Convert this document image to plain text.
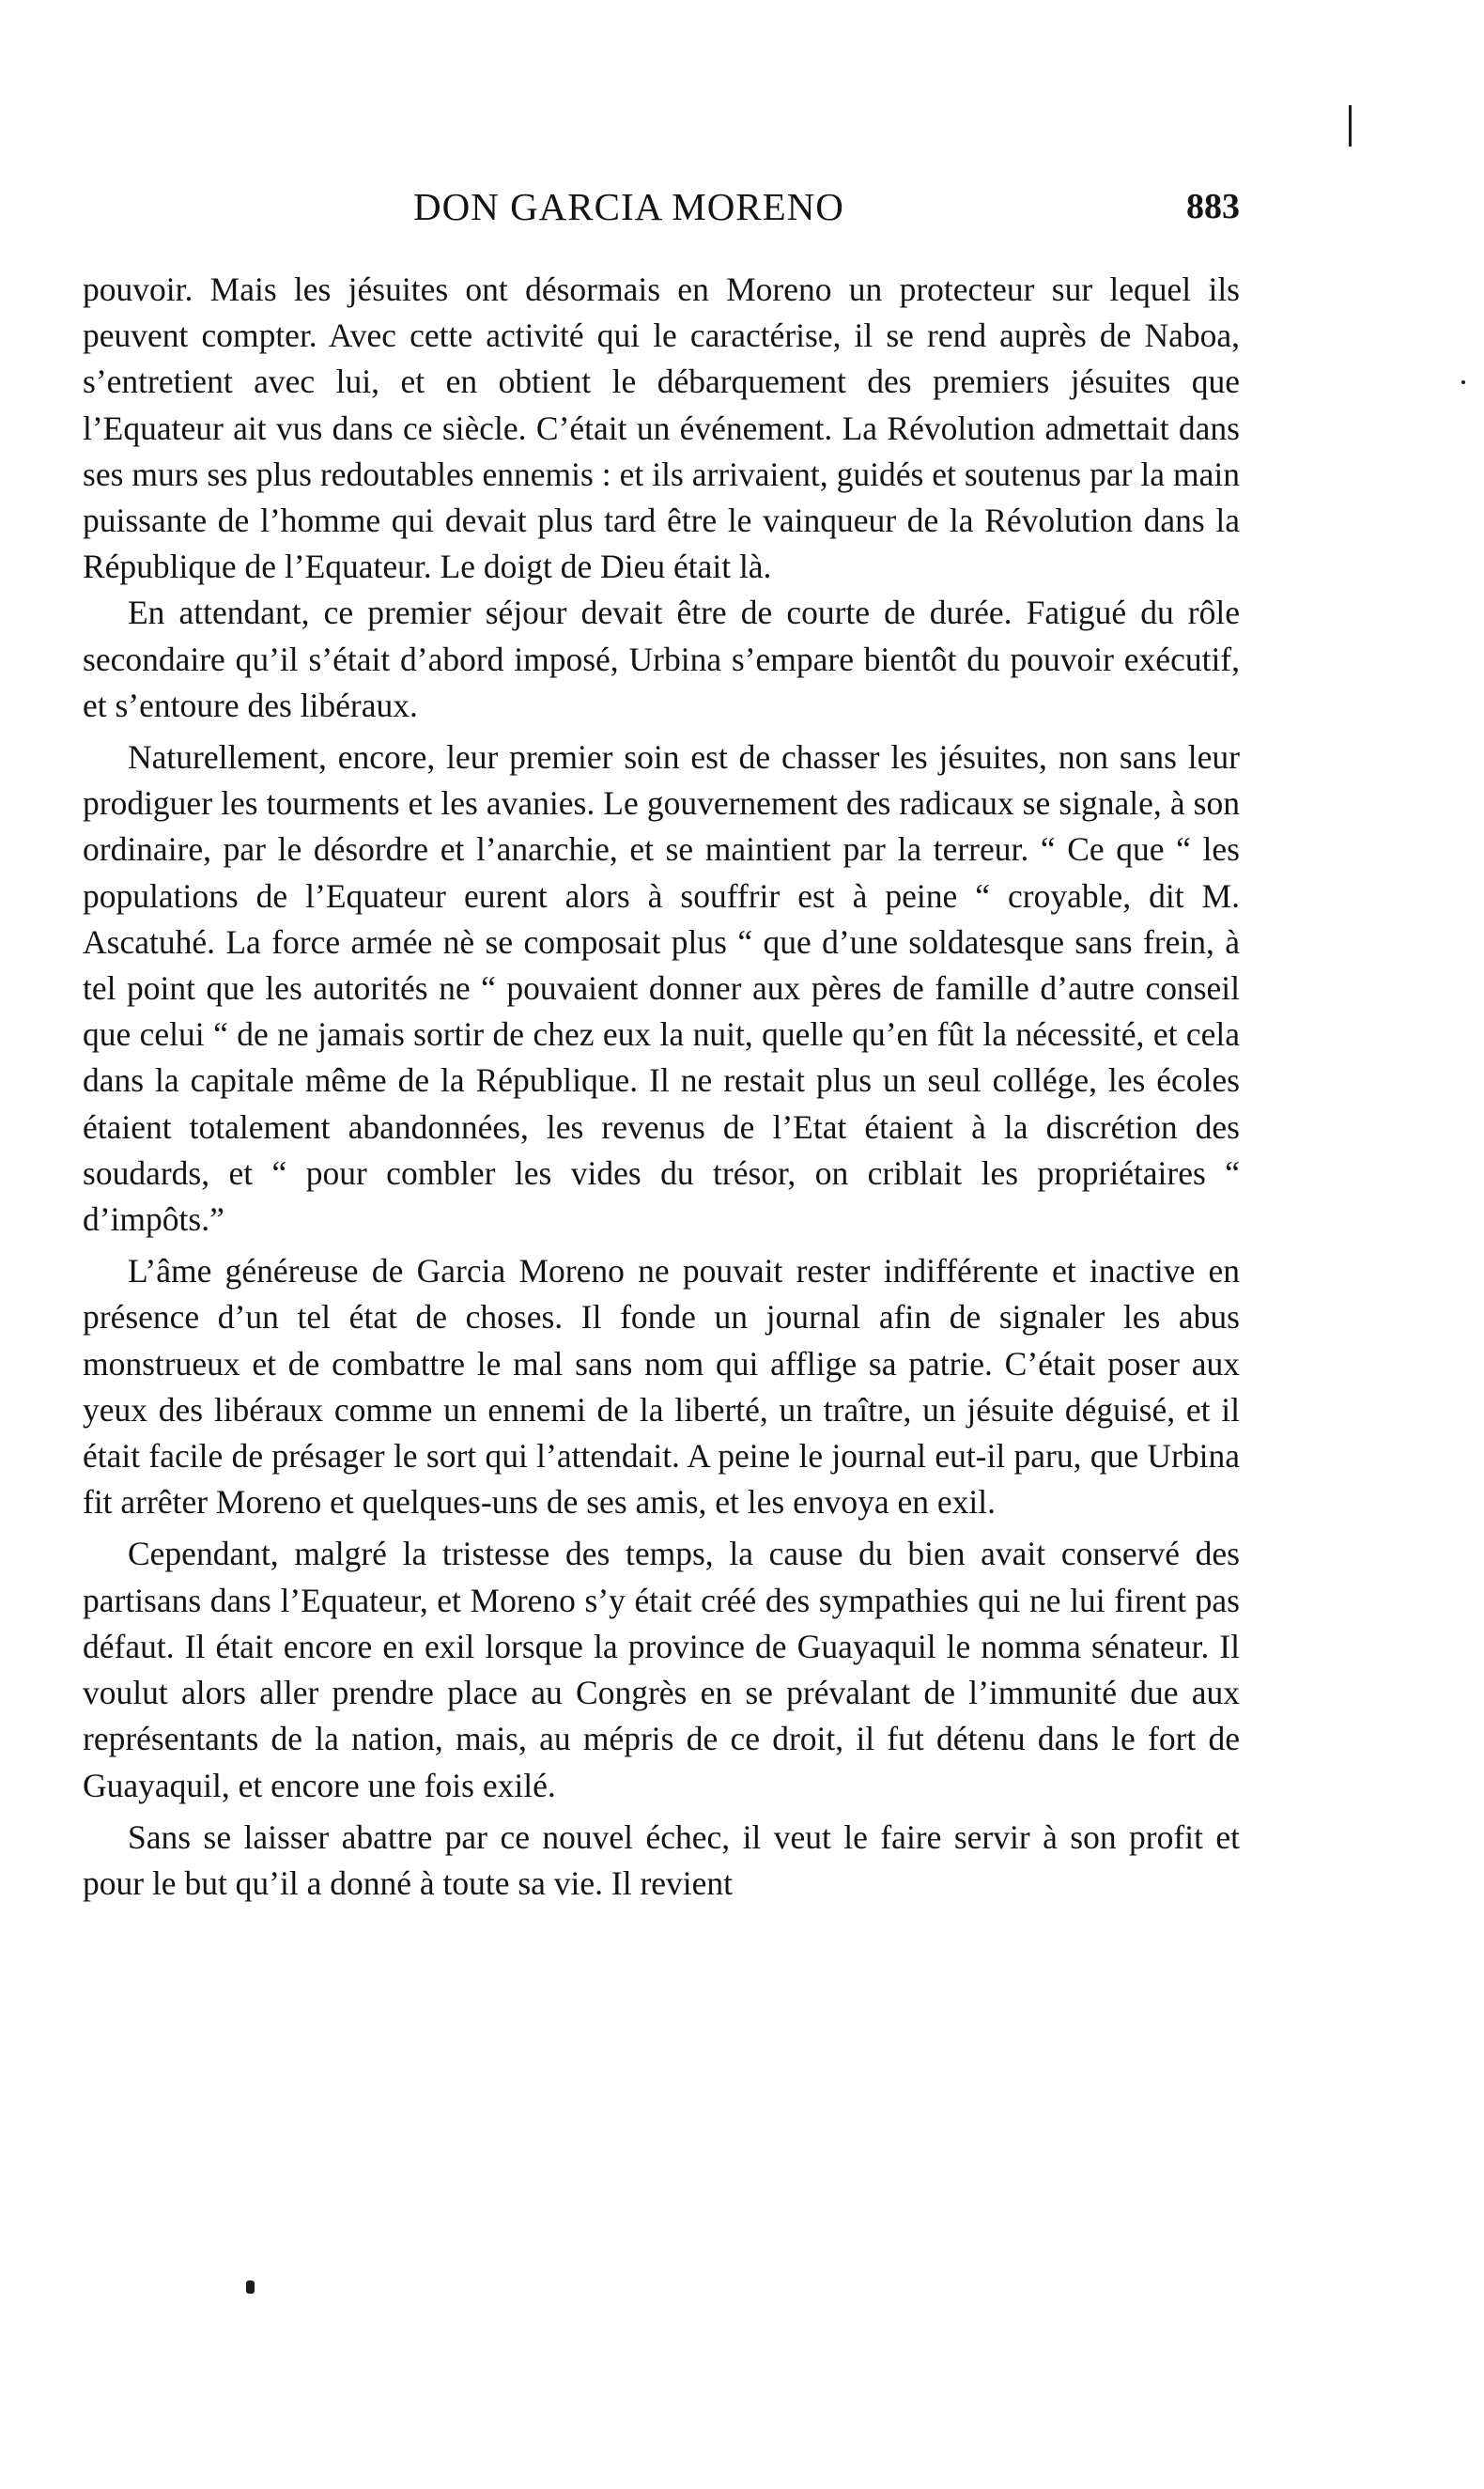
DON GARCIA MORENO	883

pouvoir. Mais les jésuites ont désormais en Moreno un protecteur sur lequel ils peuvent compter. Avec cette activité qui le caractérise, il se rend auprès de Naboa, s’entretient avec lui, et en obtient le débarquement des premiers jésuites que l’Equateur ait vus dans ce siècle. C’était un événement. La Révolution admettait dans ses murs ses plus redoutables ennemis : et ils arrivaient, guidés et soutenus par la main puissante de l’homme qui devait plus tard être le vainqueur de la Révolution dans la République de l’Equateur. Le doigt de Dieu était là.

En attendant, ce premier séjour devait être de courte de durée. Fatigué du rôle secondaire qu’il s’était d’abord imposé, Urbina s’empare bientôt du pouvoir exécutif, et s’entoure des libéraux.

Naturellement, encore, leur premier soin est de chasser les jésuites, non sans leur prodiguer les tourments et les avanies. Le gouvernement des radicaux se signale, à son ordinaire, par le désordre et l’anarchie, et se maintient par la terreur. “ Ce que “ les populations de l’Equateur eurent alors à souffrir est à peine “ croyable, dit M. Ascatuhé. La force armée nè se composait plus “ que d’une soldatesque sans frein, à tel point que les autorités ne “ pouvaient donner aux pères de famille d’autre conseil que celui “ de ne jamais sortir de chez eux la nuit, quelle qu’en fût la nécessité, et cela dans la capitale même de la République. Il ne restait plus un seul collége, les écoles étaient totalement abandonnées, les revenus de l’Etat étaient à la discrétion des soudards, et “ pour combler les vides du trésor, on criblait les propriétaires “ d’impôts.”

L’âme généreuse de Garcia Moreno ne pouvait rester indifférente et inactive en présence d’un tel état de choses. Il fonde un journal afin de signaler les abus monstrueux et de combattre le mal sans nom qui afflige sa patrie. C’était poser aux yeux des libéraux comme un ennemi de la liberté, un traître, un jésuite déguisé, et il était facile de présager le sort qui l’attendait. A peine le journal eut-il paru, que Urbina fit arrêter Moreno et quelques-uns de ses amis, et les envoya en exil.

Cependant, malgré la tristesse des temps, la cause du bien avait conservé des partisans dans l’Equateur, et Moreno s’y était créé des sympathies qui ne lui firent pas défaut. Il était encore en exil lorsque la province de Guayaquil le nomma sénateur. Il voulut alors aller prendre place au Congrès en se prévalant de l’immunité due aux représentants de la nation, mais, au mépris de ce droit, il fut détenu dans le fort de Guayaquil, et encore une fois exilé.

Sans se laisser abattre par ce nouvel échec, il veut le faire servir à son profit et pour le but qu’il a donné à toute sa vie. Il revient
